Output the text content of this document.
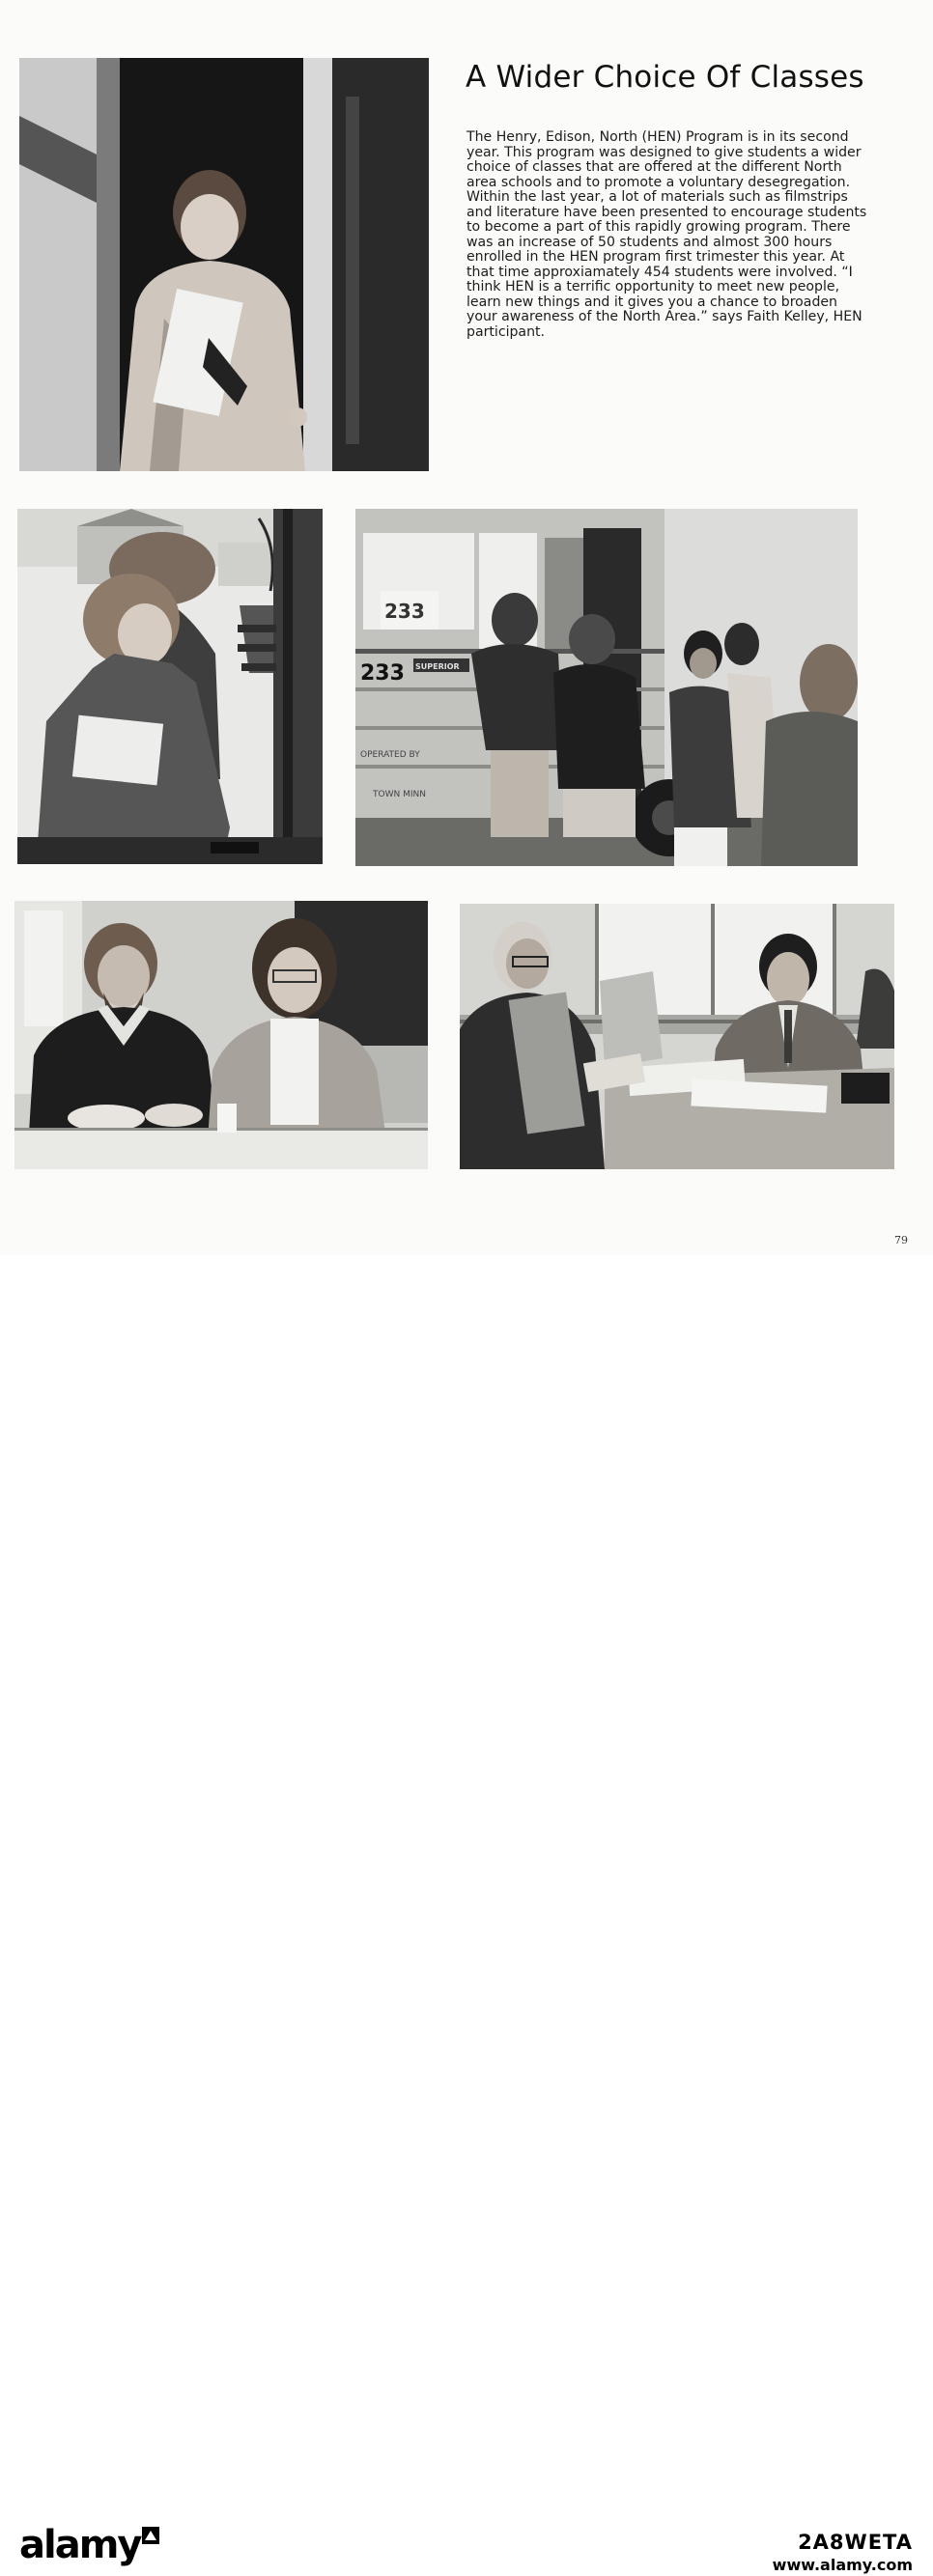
A Wider Choice Of Classes

The Henry, Edison, North (HEN) Program is in its second year. This program was designed to give students a wider choice of classes that are offered at the different North area schools and to promote a voluntary desegregation. Within the last year, a lot of materials such as filmstrips and literature have been presented to encourage students to become a part of this rapidly growing program. There was an increase of 50 students and almost 300 hours enrolled in the HEN program first trimester this year. At that time approxiamately 454 students were involved. “I think HEN is a terrific opportunity to meet new people, learn new things and it gives you a chance to broaden your awareness of the North Area.” says Faith Kelley, HEN participant.

233
233 SUPERIOR
OPERATED BY
TOWN MINN
79
alamy	2A8WETA
www.alamy.com
